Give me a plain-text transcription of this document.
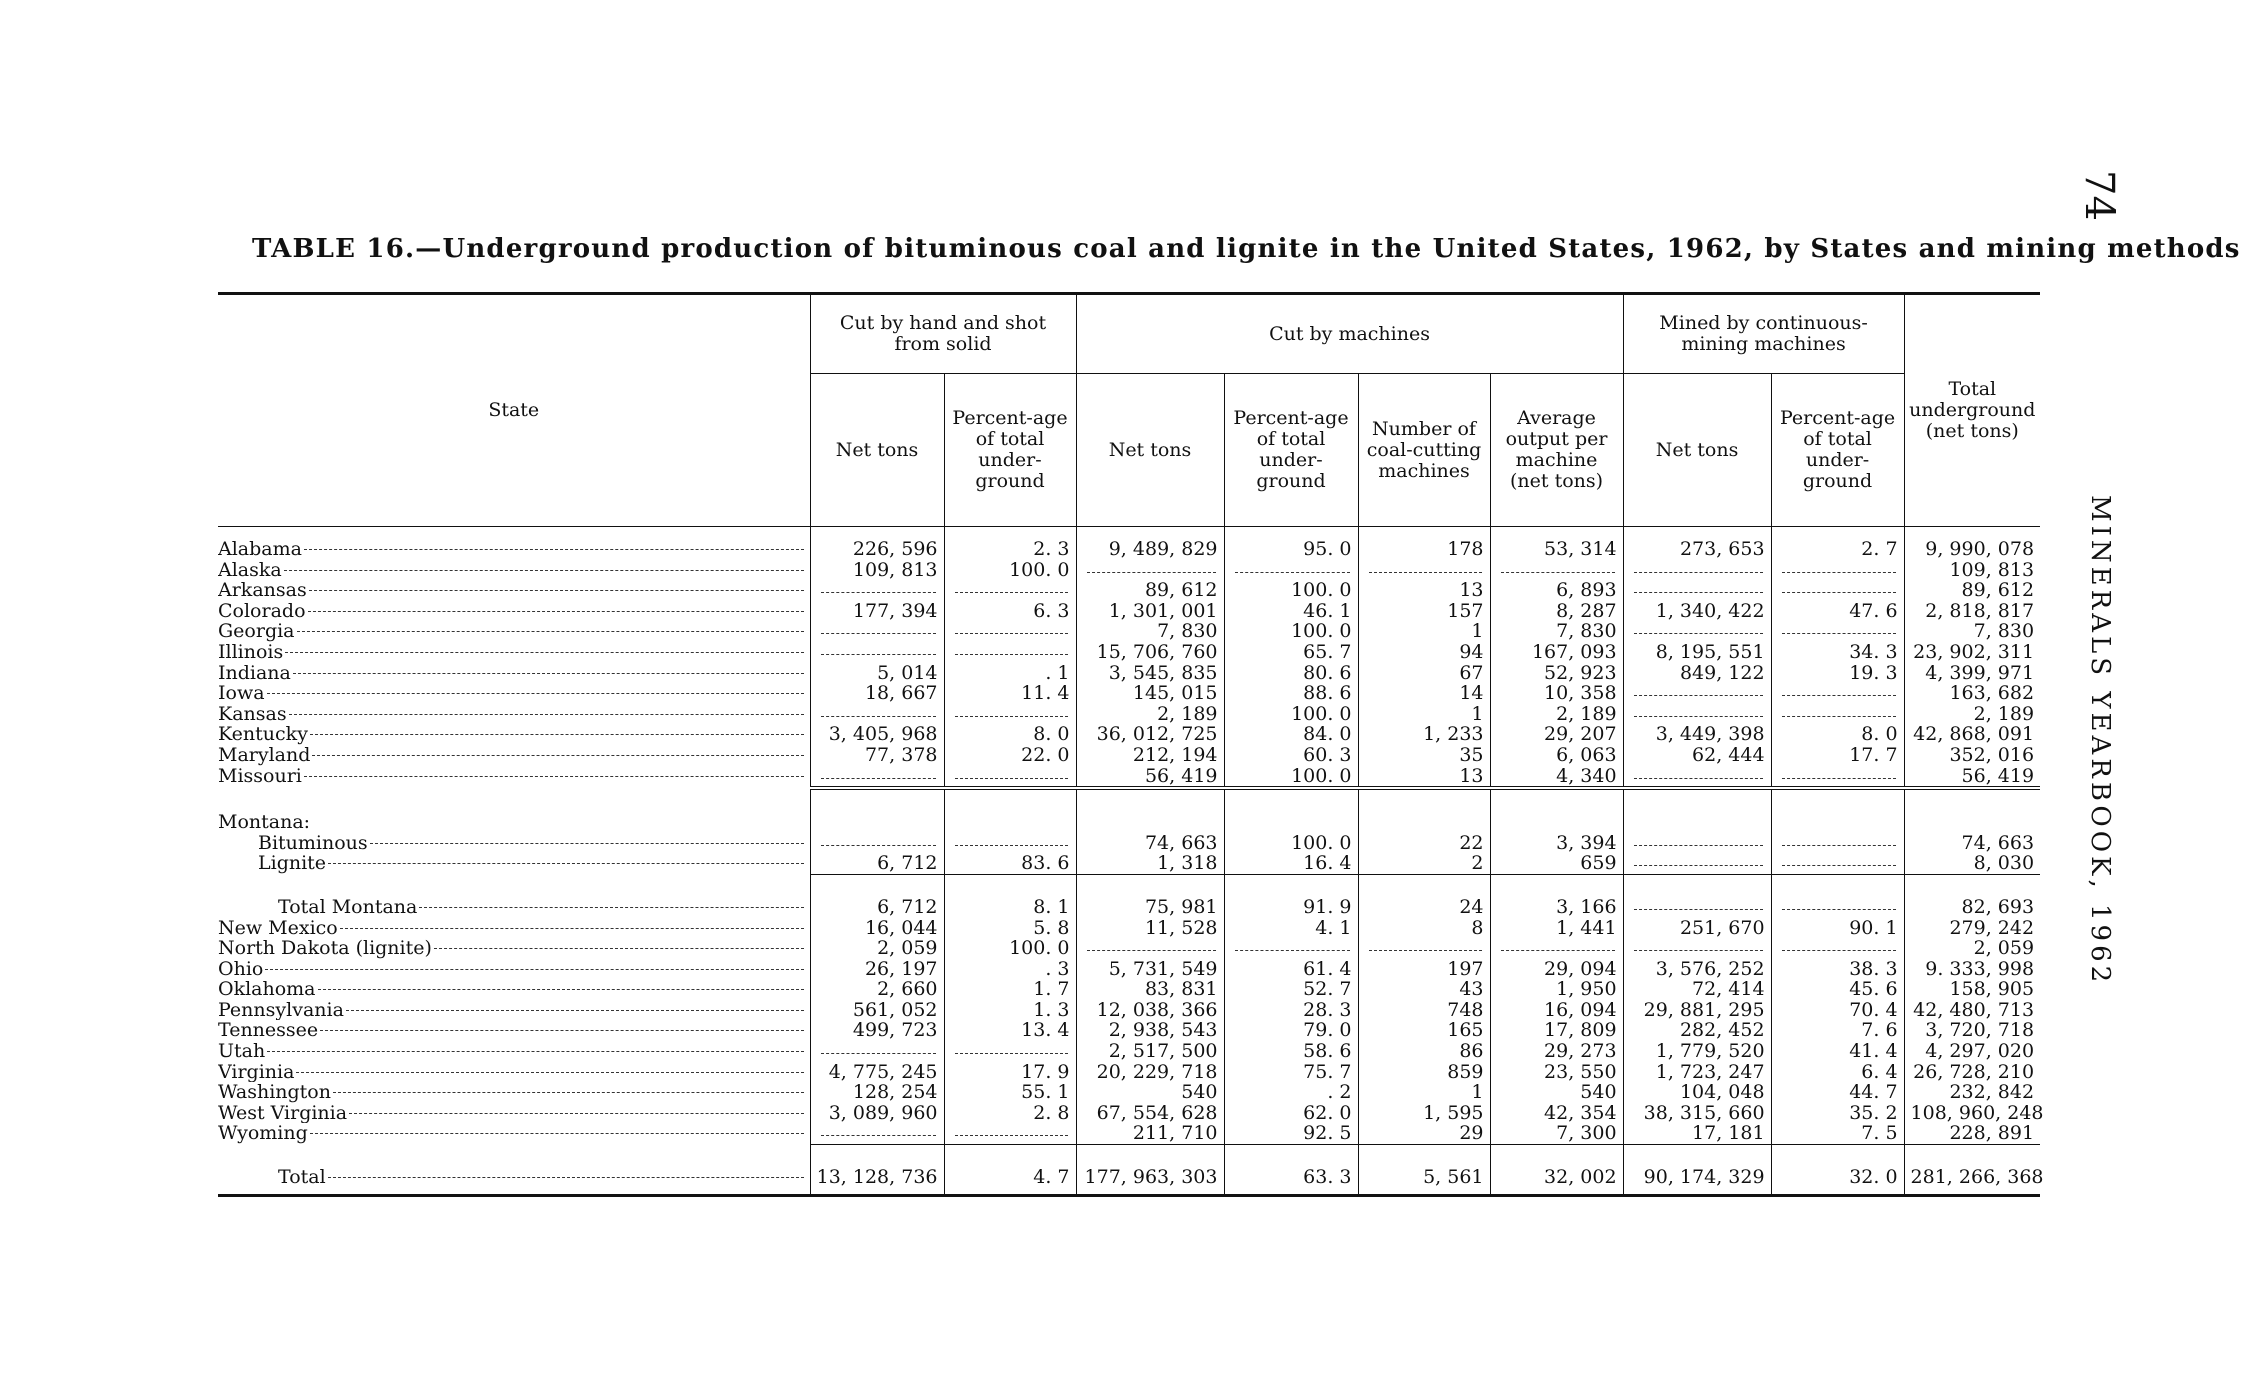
TABLE 16.—Underground production of bituminous coal and lignite in the United States, 1962, by States and mining methods
74
MINERALS YEARBOOK, 1962
State	Cut by hand and shot from solid		Cut by machines				Mined by continuous-mining machines		Total underground (net tons)
	Net tons	Percent-age of total under-ground	Net tons	Percent-age of total under-ground	Number of coal-cutting machines	Average output per machine (net tons)	Net tons	Percent-age of total under-ground	

Alabama	226, 596	2. 3	9, 489, 829	95. 0	178	53, 314	273, 653	2. 7	9, 990, 078

Alaska	109, 813	100. 0							109, 813

Arkansas			89, 612	100. 0	13	6, 893			89, 612

Colorado	177, 394	6. 3	1, 301, 001	46. 1	157	8, 287	1, 340, 422	47. 6	2, 818, 817

Georgia			7, 830	100. 0	1	7, 830			7, 830

Illinois			15, 706, 760	65. 7	94	167, 093	8, 195, 551	34. 3	23, 902, 311

Indiana	5, 014	. 1	3, 545, 835	80. 6	67	52, 923	849, 122	19. 3	4, 399, 971

Iowa	18, 667	11. 4	145, 015	88. 6	14	10, 358			163, 682

Kansas			2, 189	100. 0	1	2, 189			2, 189

Kentucky	3, 405, 968	8. 0	36, 012, 725	84. 0	1, 233	29, 207	3, 449, 398	8. 0	42, 868, 091

Maryland	77, 378	22. 0	212, 194	60. 3	35	6, 063	62, 444	17. 7	352, 016

Missouri			56, 419	100. 0	13	4, 340			56, 419

Montana:									

Bituminous			74, 663	100. 0	22	3, 394			74, 663

Lignite	6, 712	83. 6	1, 318	16. 4	2	659			8, 030

Total Montana	6, 712	8. 1	75, 981	91. 9	24	3, 166			82, 693

New Mexico	16, 044	5. 8	11, 528	4. 1	8	1, 441	251, 670	90. 1	279, 242

North Dakota (lignite)	2, 059	100. 0							2, 059

Ohio	26, 197	. 3	5, 731, 549	61. 4	197	29, 094	3, 576, 252	38. 3	9. 333, 998

Oklahoma	2, 660	1. 7	83, 831	52. 7	43	1, 950	72, 414	45. 6	158, 905

Pennsylvania	561, 052	1. 3	12, 038, 366	28. 3	748	16, 094	29, 881, 295	70. 4	42, 480, 713

Tennessee	499, 723	13. 4	2, 938, 543	79. 0	165	17, 809	282, 452	7. 6	3, 720, 718

Utah			2, 517, 500	58. 6	86	29, 273	1, 779, 520	41. 4	4, 297, 020

Virginia	4, 775, 245	17. 9	20, 229, 718	75. 7	859	23, 550	1, 723, 247	6. 4	26, 728, 210

Washington	128, 254	55. 1	540	. 2	1	540	104, 048	44. 7	232, 842

West Virginia	3, 089, 960	2. 8	67, 554, 628	62. 0	1, 595	42, 354	38, 315, 660	35. 2	108, 960, 248

Wyoming			211, 710	92. 5	29	7, 300	17, 181	7. 5	228, 891

Total	13, 128, 736	4. 7	177, 963, 303	63. 3	5, 561	32, 002	90, 174, 329	32. 0	281, 266, 368
